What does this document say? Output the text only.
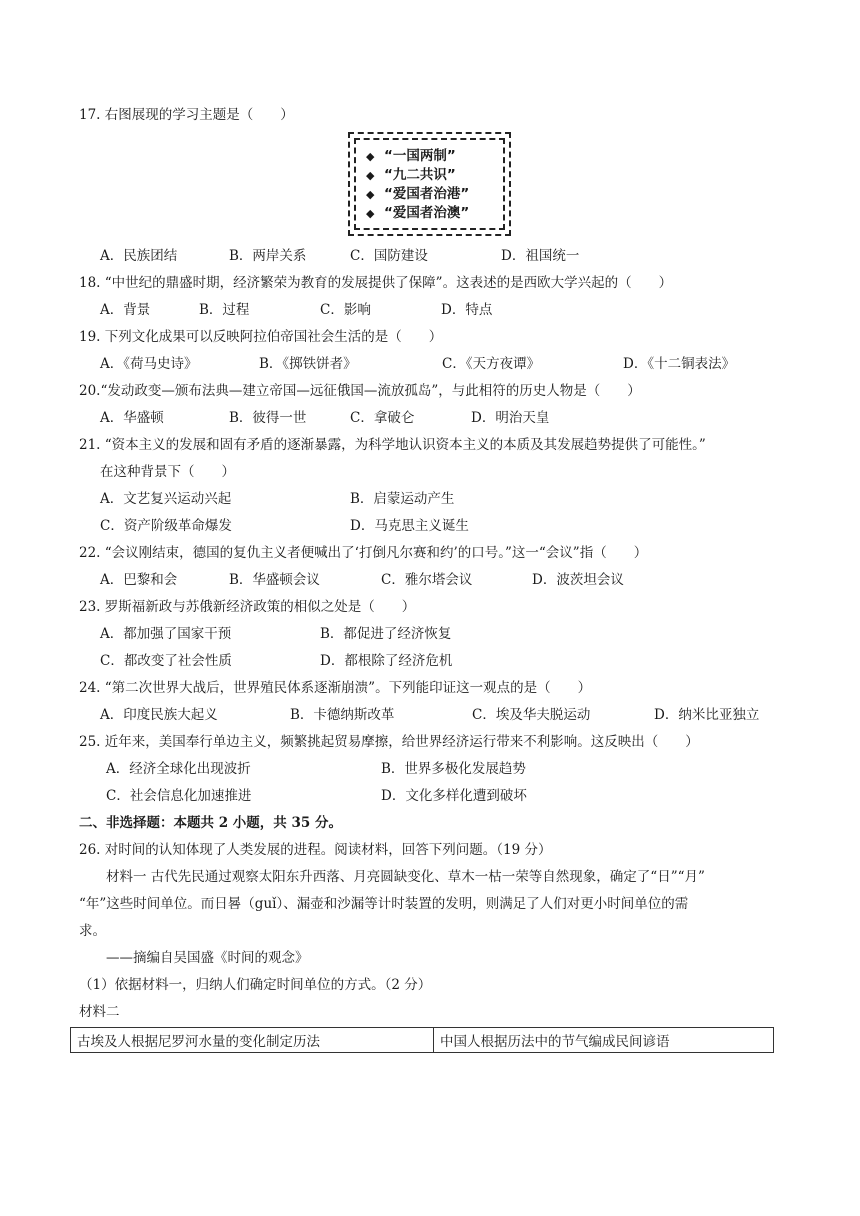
17. 右图展现的学习主题是（　　）
◆ “一国两制”
◆ “九二共识”
◆ “爱国者治港”
◆ “爱国者治澳”
A．民族团结	B．两岸关系	C．国防建设	D．祖国统一
18. “中世纪的鼎盛时期，经济繁荣为教育的发展提供了保障”。这表述的是西欧大学兴起的（　　）
A．背景	B．过程	C．影响	D．特点
19. 下列文化成果可以反映阿拉伯帝国社会生活的是（　　）
A．《荷马史诗》	B．《掷铁饼者》	C．《天方夜谭》	D．《十二铜表法》
20.“发动政变—颁布法典—建立帝国—远征俄国—流放孤岛”，与此相符的历史人物是（　　）
A．华盛顿	B．彼得一世	C．拿破仑	D．明治天皇
21. “资本主义的发展和固有矛盾的逐渐暴露，为科学地认识资本主义的本质及其发展趋势提供了可能性。”
在这种背景下（　　）
A．文艺复兴运动兴起	B．启蒙运动产生
C．资产阶级革命爆发	D．马克思主义诞生
22. “会议刚结束，德国的复仇主义者便喊出了‘打倒凡尔赛和约’的口号。”这一“会议”指（　　）
A．巴黎和会	B．华盛顿会议	C．雅尔塔会议	D．波茨坦会议
23. 罗斯福新政与苏俄新经济政策的相似之处是（　　）
A．都加强了国家干预	B．都促进了经济恢复
C．都改变了社会性质	D．都根除了经济危机
24. “第二次世界大战后，世界殖民体系逐渐崩溃”。下列能印证这一观点的是（　　）
A．印度民族大起义	B．卡德纳斯改革	C．埃及华夫脱运动	D．纳米比亚独立
25. 近年来，美国奉行单边主义，频繁挑起贸易摩擦，给世界经济运行带来不利影响。这反映出（　　）
A．经济全球化出现波折	B．世界多极化发展趋势
C．社会信息化加速推进	D．文化多样化遭到破坏
二、非选择题：本题共 2 小题，共 35 分。
26. 对时间的认知体现了人类发展的进程。阅读材料，回答下列问题。（19 分）
材料一 古代先民通过观察太阳东升西落、月亮圆缺变化、草木一枯一荣等自然现象，确定了“日”“月”
“年”这些时间单位。而日晷（guǐ）、漏壶和沙漏等计时装置的发明，则满足了人们对更小时间单位的需
求。
——摘编自吴国盛《时间的观念》
（1）依据材料一，归纳人们确定时间单位的方式。（2 分）
材料二
古埃及人根据尼罗河水量的变化制定历法	中国人根据历法中的节气编成民间谚语
